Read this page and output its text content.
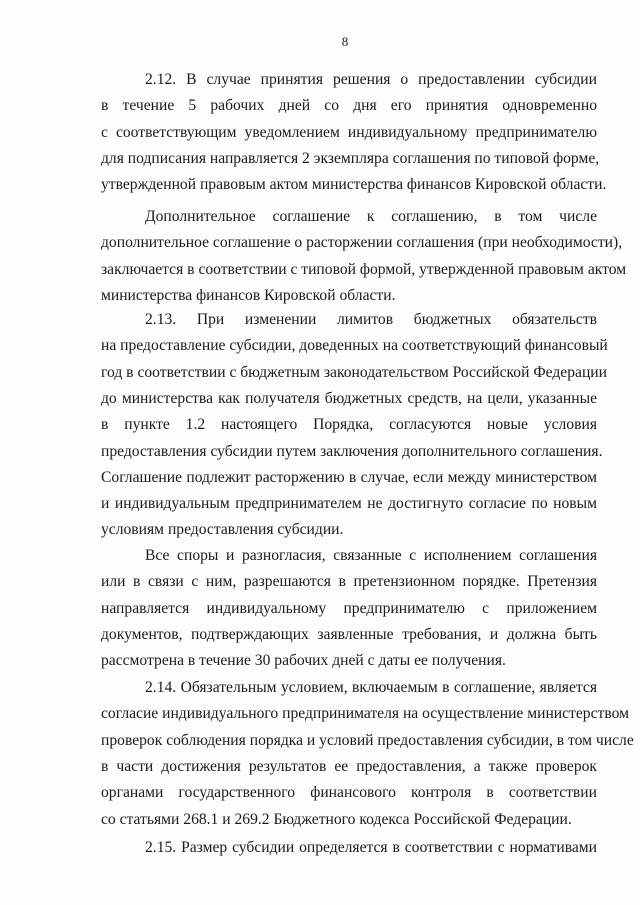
8
2.12. В случае принятия решения о предоставлении субсидии
в течение 5 рабочих дней со дня его принятия одновременно
с соответствующим уведомлением индивидуальному предпринимателю
для подписания направляется 2 экземпляра соглашения по типовой форме,
утвержденной правовым актом министерства финансов Кировской области.
Дополнительное соглашение к соглашению, в том числе
дополнительное соглашение о расторжении соглашения (при необходимости),
заключается в соответствии с типовой формой, утвержденной правовым актом
министерства финансов Кировской области.
2.13. При изменении лимитов бюджетных обязательств
на предоставление субсидии, доведенных на соответствующий финансовый
год в соответствии с бюджетным законодательством Российской Федерации
до министерства как получателя бюджетных средств, на цели, указанные
в пункте 1.2 настоящего Порядка, согласуются новые условия
предоставления субсидии путем заключения дополнительного соглашения.
Соглашение подлежит расторжению в случае, если между министерством
и индивидуальным предпринимателем не достигнуто согласие по новым
условиям предоставления субсидии.
Все споры и разногласия, связанные с исполнением соглашения
или в связи с ним, разрешаются в претензионном порядке. Претензия
направляется индивидуальному предпринимателю с приложением
документов, подтверждающих заявленные требования, и должна быть
рассмотрена в течение 30 рабочих дней с даты ее получения.
2.14. Обязательным условием, включаемым в соглашение, является
согласие индивидуального предпринимателя на осуществление министерством
проверок соблюдения порядка и условий предоставления субсидии, в том числе
в части достижения результатов ее предоставления, а также проверок
органами государственного финансового контроля в соответствии
со статьями 268.1 и 269.2 Бюджетного кодекса Российской Федерации.
2.15. Размер субсидии определяется в соответствии с нормативами
